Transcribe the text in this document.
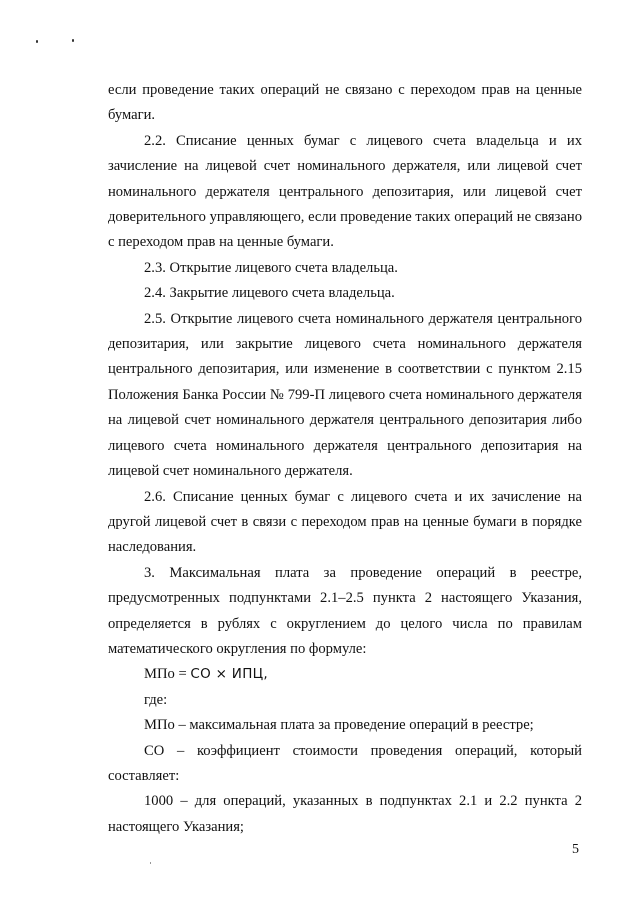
если проведение таких операций не связано с переходом прав на ценные бумаги.

2.2. Списание ценных бумаг с лицевого счета владельца и их зачисление на лицевой счет номинального держателя, или лицевой счет номинального держателя центрального депозитария, или лицевой счет доверительного управляющего, если проведение таких операций не связано с переходом прав на ценные бумаги.

2.3. Открытие лицевого счета владельца.

2.4. Закрытие лицевого счета владельца.

2.5. Открытие лицевого счета номинального держателя центрального депозитария, или закрытие лицевого счета номинального держателя центрального депозитария, или изменение в соответствии с пунктом 2.15 Положения Банка России № 799-П лицевого счета номинального держателя на лицевой счет номинального держателя центрального депозитария либо лицевого счета номинального держателя центрального депозитария на лицевой счет номинального держателя.

2.6. Списание ценных бумаг с лицевого счета и их зачисление на другой лицевой счет в связи с переходом прав на ценные бумаги в порядке наследования.

3. Максимальная плата за проведение операций в реестре, предусмотренных подпунктами 2.1–2.5 пункта 2 настоящего Указания, определяется в рублях с округлением до целого числа по правилам математического округления по формуле:

МПо = СО × ИПЦ,

где:

МПо – максимальная плата за проведение операций в реестре;

СО – коэффициент стоимости проведения операций, который составляет:

1000 – для операций, указанных в подпунктах 2.1 и 2.2 пункта 2 настоящего Указания;

5
